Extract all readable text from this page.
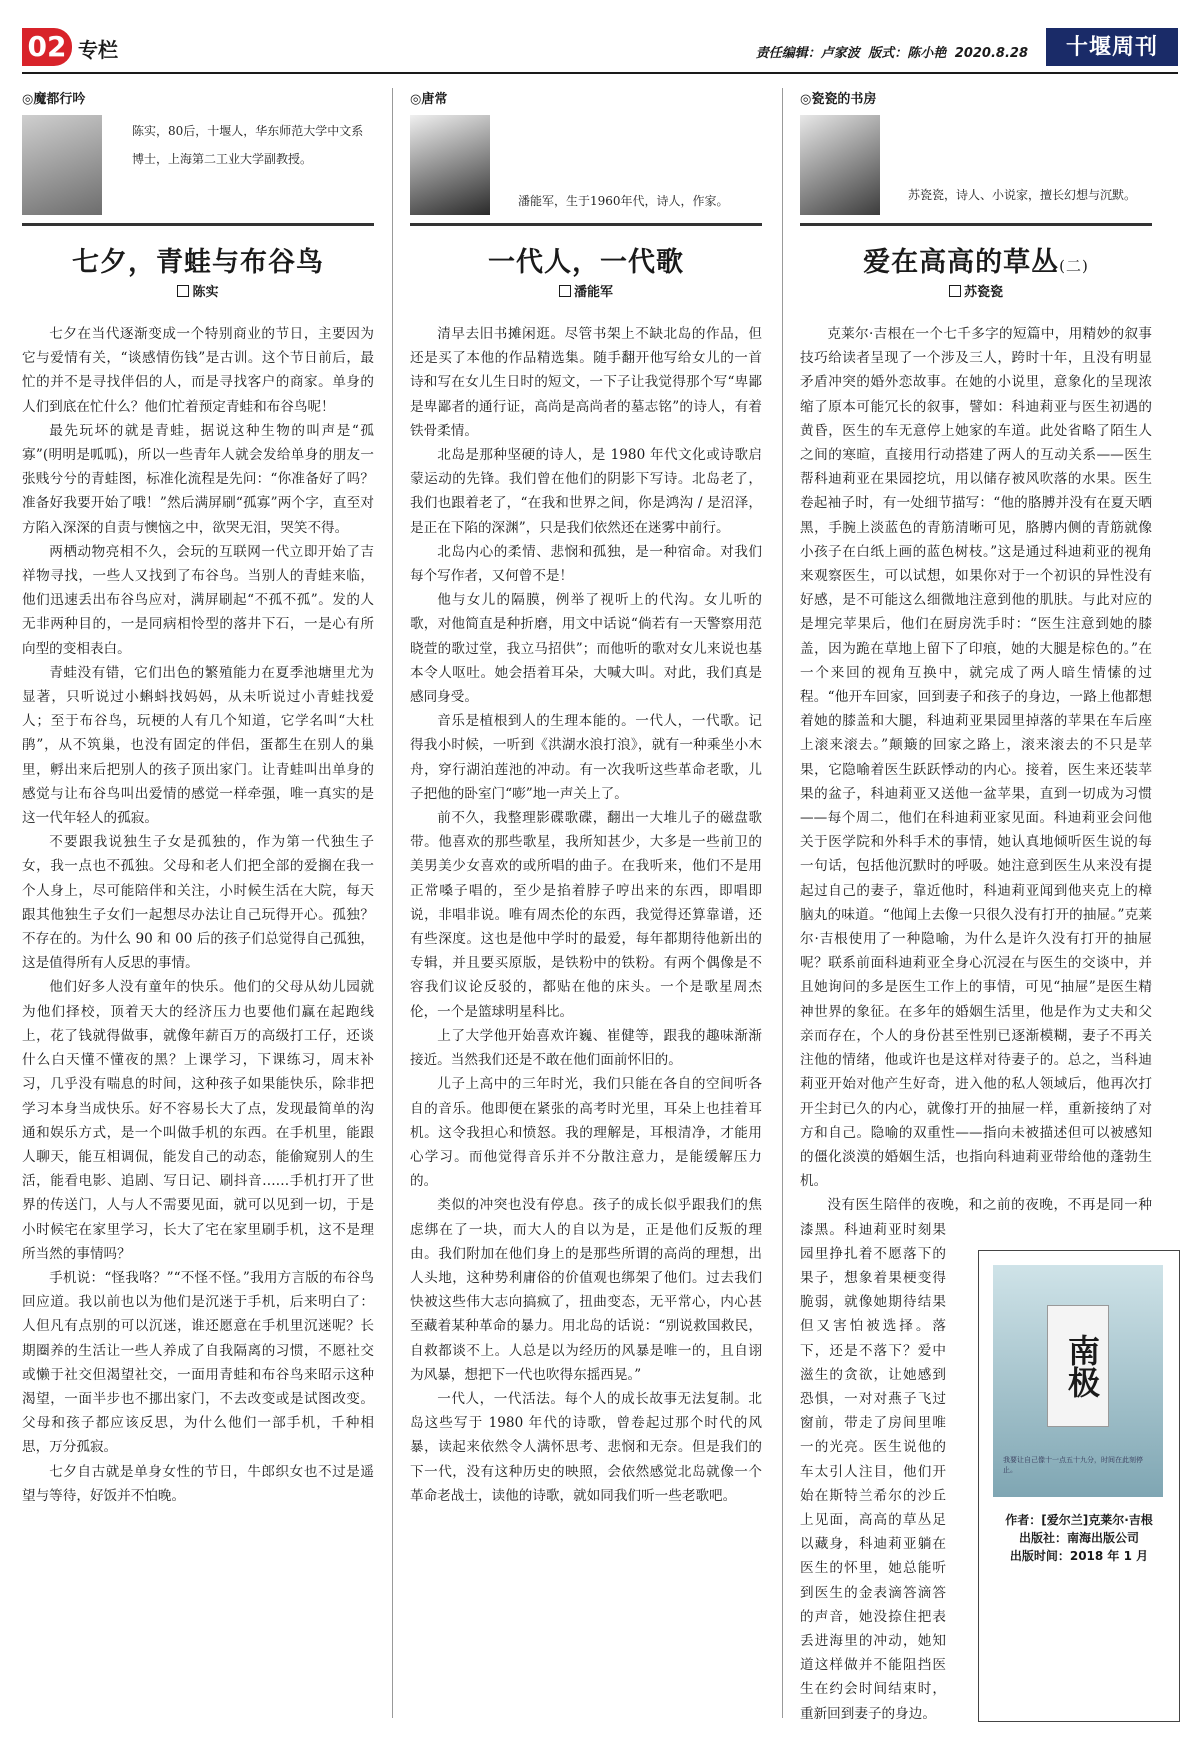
02 专栏	责任编辑：卢家波 版式：陈小艳 2020.8.28	十堰周刊
◎魔都行吟
陈实，80后，十堰人，华东师范大学中文系博士，上海第二工业大学副教授。
七夕，青蛙与布谷鸟
陈实

七夕在当代逐渐变成一个特别商业的节日，主要因为它与爱情有关，“谈感情伤钱”是古训。这个节日前后，最忙的并不是寻找伴侣的人，而是寻找客户的商家。单身的人们到底在忙什么？他们忙着预定青蛙和布谷鸟呢！

最先玩坏的就是青蛙，据说这种生物的叫声是“孤寡”(明明是呱呱)，所以一些青年人就会发给单身的朋友一张贱兮兮的青蛙图，标准化流程是先问：“你准备好了吗？准备好我要开始了哦！”然后满屏刷“孤寡”两个字，直至对方陷入深深的自责与懊恼之中，欲哭无泪，哭笑不得。

两栖动物亮相不久，会玩的互联网一代立即开始了吉祥物寻找，一些人又找到了布谷鸟。当别人的青蛙来临，他们迅速丢出布谷鸟应对，满屏刷起“不孤不孤”。发的人无非两种目的，一是同病相怜型的落井下石，一是心有所向型的变相表白。

青蛙没有错，它们出色的繁殖能力在夏季池塘里尤为显著，只听说过小蝌蚪找妈妈，从未听说过小青蛙找爱人；至于布谷鸟，玩梗的人有几个知道，它学名叫“大杜鹃”，从不筑巢，也没有固定的伴侣，蛋都生在别人的巢里，孵出来后把别人的孩子顶出家门。让青蛙叫出单身的感觉与让布谷鸟叫出爱情的感觉一样牵强，唯一真实的是这一代年轻人的孤寂。

不要跟我说独生子女是孤独的，作为第一代独生子女，我一点也不孤独。父母和老人们把全部的爱搁在我一个人身上，尽可能陪伴和关注，小时候生活在大院，每天跟其他独生子女们一起想尽办法让自己玩得开心。孤独？不存在的。为什么 90 和 00 后的孩子们总觉得自己孤独，这是值得所有人反思的事情。

他们好多人没有童年的快乐。他们的父母从幼儿园就为他们择校，顶着天大的经济压力也要他们赢在起跑线上，花了钱就得做事，就像年薪百万的高级打工仔，还谈什么白天懂不懂夜的黑？上课学习，下课练习，周末补习，几乎没有喘息的时间，这种孩子如果能快乐，除非把学习本身当成快乐。好不容易长大了点，发现最简单的沟通和娱乐方式，是一个叫做手机的东西。在手机里，能跟人聊天，能互相调侃，能发自己的动态，能偷窥别人的生活，能看电影、追剧、写日记、刷抖音……手机打开了世界的传送门，人与人不需要见面，就可以见到一切，于是小时候宅在家里学习，长大了宅在家里刷手机，这不是理所当然的事情吗？

手机说：“怪我咯？”“不怪不怪。”我用方言版的布谷鸟回应道。我以前也以为他们是沉迷于手机，后来明白了：人但凡有点别的可以沉迷，谁还愿意在手机里沉迷呢？长期圈养的生活让一些人养成了自我隔离的习惯，不愿社交或懒于社交但渴望社交，一面用青蛙和布谷鸟来昭示这种渴望，一面半步也不挪出家门，不去改变或是试图改变。父母和孩子都应该反思，为什么他们一部手机，千种相思，万分孤寂。

七夕自古就是单身女性的节日，牛郎织女也不过是遥望与等待，好饭并不怕晚。

◎唐常
潘能军，生于1960年代，诗人，作家。
一代人，一代歌
潘能军

清早去旧书摊闲逛。尽管书架上不缺北岛的作品，但还是买了本他的作品精选集。随手翻开他写给女儿的一首诗和写在女儿生日时的短文，一下子让我觉得那个写“卑鄙是卑鄙者的通行证，高尚是高尚者的墓志铭”的诗人，有着铁骨柔情。

北岛是那种坚硬的诗人，是 1980 年代文化或诗歌启蒙运动的先锋。我们曾在他们的阴影下写诗。北岛老了，我们也跟着老了，“在我和世界之间，你是鸿沟 / 是沼泽，是正在下陷的深渊”，只是我们依然还在迷雾中前行。

北岛内心的柔情、悲悯和孤独，是一种宿命。对我们每个写作者，又何曾不是！

他与女儿的隔膜，例举了视听上的代沟。女儿听的歌，对他简直是种折磨，用文中话说“倘若有一天警察用范晓萱的歌过堂，我立马招供”；而他听的歌对女儿来说也基本令人呕吐。她会捂着耳朵，大喊大叫。对此，我们真是感同身受。

音乐是植根到人的生理本能的。一代人，一代歌。记得我小时候，一听到《洪湖水浪打浪》，就有一种乘坐小木舟，穿行湖泊莲池的冲动。有一次我听这些革命老歌，儿子把他的卧室门“嘭”地一声关上了。

前不久，我整理影碟歌碟，翻出一大堆儿子的磁盘歌带。他喜欢的那些歌星，我所知甚少，大多是一些前卫的美男美少女喜欢的或所唱的曲子。在我听来，他们不是用正常嗓子唱的，至少是掐着脖子哼出来的东西，即唱即说，非唱非说。唯有周杰伦的东西，我觉得还算靠谱，还有些深度。这也是他中学时的最爱，每年都期待他新出的专辑，并且要买原版，是铁粉中的铁粉。有两个偶像是不容我们议论反驳的，都贴在他的床头。一个是歌星周杰伦，一个是篮球明星科比。

上了大学他开始喜欢许巍、崔健等，跟我的趣味渐渐接近。当然我们还是不敢在他们面前怀旧的。

儿子上高中的三年时光，我们只能在各自的空间听各自的音乐。他即便在紧张的高考时光里，耳朵上也挂着耳机。这令我担心和愤怒。我的理解是，耳根清净，才能用心学习。而他觉得音乐并不分散注意力，是能缓解压力的。

类似的冲突也没有停息。孩子的成长似乎跟我们的焦虑绑在了一块，而大人的自以为是，正是他们反叛的理由。我们附加在他们身上的是那些所谓的高尚的理想，出人头地，这种势利庸俗的价值观也绑架了他们。过去我们快被这些伟大志向搞疯了，扭曲变态，无平常心，内心甚至藏着某种革命的暴力。用北岛的话说：“别说救国救民，自救都谈不上。人总是以为经历的风暴是唯一的，且自诩为风暴，想把下一代也吹得东摇西晃。”

一代人，一代活法。每个人的成长故事无法复制。北岛这些写于 1980 年代的诗歌，曾卷起过那个时代的风暴，读起来依然令人满怀思考、悲悯和无奈。但是我们的下一代，没有这种历史的映照，会依然感觉北岛就像一个革命老战士，读他的诗歌，就如同我们听一些老歌吧。

◎瓷瓷的书房
苏瓷瓷，诗人、小说家，擅长幻想与沉默。
爱在高高的草丛(二)
苏瓷瓷

克莱尔·吉根在一个七千多字的短篇中，用精妙的叙事技巧给读者呈现了一个涉及三人，跨时十年，且没有明显矛盾冲突的婚外恋故事。在她的小说里，意象化的呈现浓缩了原本可能冗长的叙事，譬如：科迪莉亚与医生初遇的黄昏，医生的车无意停上她家的车道。此处省略了陌生人之间的寒暄，直接用行动搭建了两人的互动关系——医生帮科迪莉亚在果园挖坑，用以储存被风吹落的水果。医生卷起袖子时，有一处细节描写：“他的胳膊并没有在夏天晒黑，手腕上淡蓝色的青筋清晰可见，胳膊内侧的青筋就像小孩子在白纸上画的蓝色树枝。”这是通过科迪莉亚的视角来观察医生，可以试想，如果你对于一个初识的异性没有好感，是不可能这么细微地注意到他的肌肤。与此对应的是埋完苹果后，他们在厨房洗手时：“医生注意到她的膝盖，因为跪在草地上留下了印痕，她的大腿是棕色的。”在一个来回的视角互换中，就完成了两人暗生情愫的过程。“他开车回家，回到妻子和孩子的身边，一路上他都想着她的膝盖和大腿，科迪莉亚果园里掉落的苹果在车后座上滚来滚去。”颠簸的回家之路上，滚来滚去的不只是苹果，它隐喻着医生跃跃悸动的内心。接着，医生来还装苹果的盆子，科迪莉亚又送他一盆苹果，直到一切成为习惯——每个周二，他们在科迪莉亚家见面。科迪莉亚会问他关于医学院和外科手术的事情，她认真地倾听医生说的每一句话，包括他沉默时的呼吸。她注意到医生从来没有提起过自己的妻子，靠近他时，科迪莉亚闻到他夹克上的樟脑丸的味道。“他闻上去像一只很久没有打开的抽屉。”克莱尔·吉根使用了一种隐喻，为什么是许久没有打开的抽屉呢？联系前面科迪莉亚全身心沉浸在与医生的交谈中，并且她询问的多是医生工作上的事情，可见“抽屉”是医生精神世界的象征。在多年的婚姻生活里，他是作为丈夫和父亲而存在，个人的身份甚至性别已逐渐模糊，妻子不再关注他的情绪，他或许也是这样对待妻子的。总之，当科迪莉亚开始对他产生好奇，进入他的私人领域后，他再次打开尘封已久的内心，就像打开的抽屉一样，重新接纳了对方和自己。隐喻的双重性——指向未被描述但可以被感知的僵化淡漠的婚姻生活，也指向科迪莉亚带给他的蓬勃生机。

没有医生陪伴的夜晚，和之前的夜晚，不再是同一种漆黑。科迪莉亚时刻果园里挣扎着不愿落下的果子，想象着果梗变得脆弱，就像她期待结果但又害怕被选择。落下，还是不落下？爱中滋生的贪欲，让她感到恐惧，一对对燕子飞过窗前，带走了房间里唯一的光亮。医生说他的车太引人注目，他们开始在斯特兰希尔的沙丘上见面，高高的草丛足以藏身，科迪莉亚躺在医生的怀里，她总能听到医生的金表滴答滴答的声音，她没捺住把表丢进海里的冲动，她知道这样做并不能阻挡医生在约会时间结束时，重新回到妻子的身边。

南极
我要让自己像十一点五十九分，时间在此刻停止。
作者：[爱尔兰]克莱尔·吉根
出版社：南海出版公司
出版时间：2018 年 1 月
